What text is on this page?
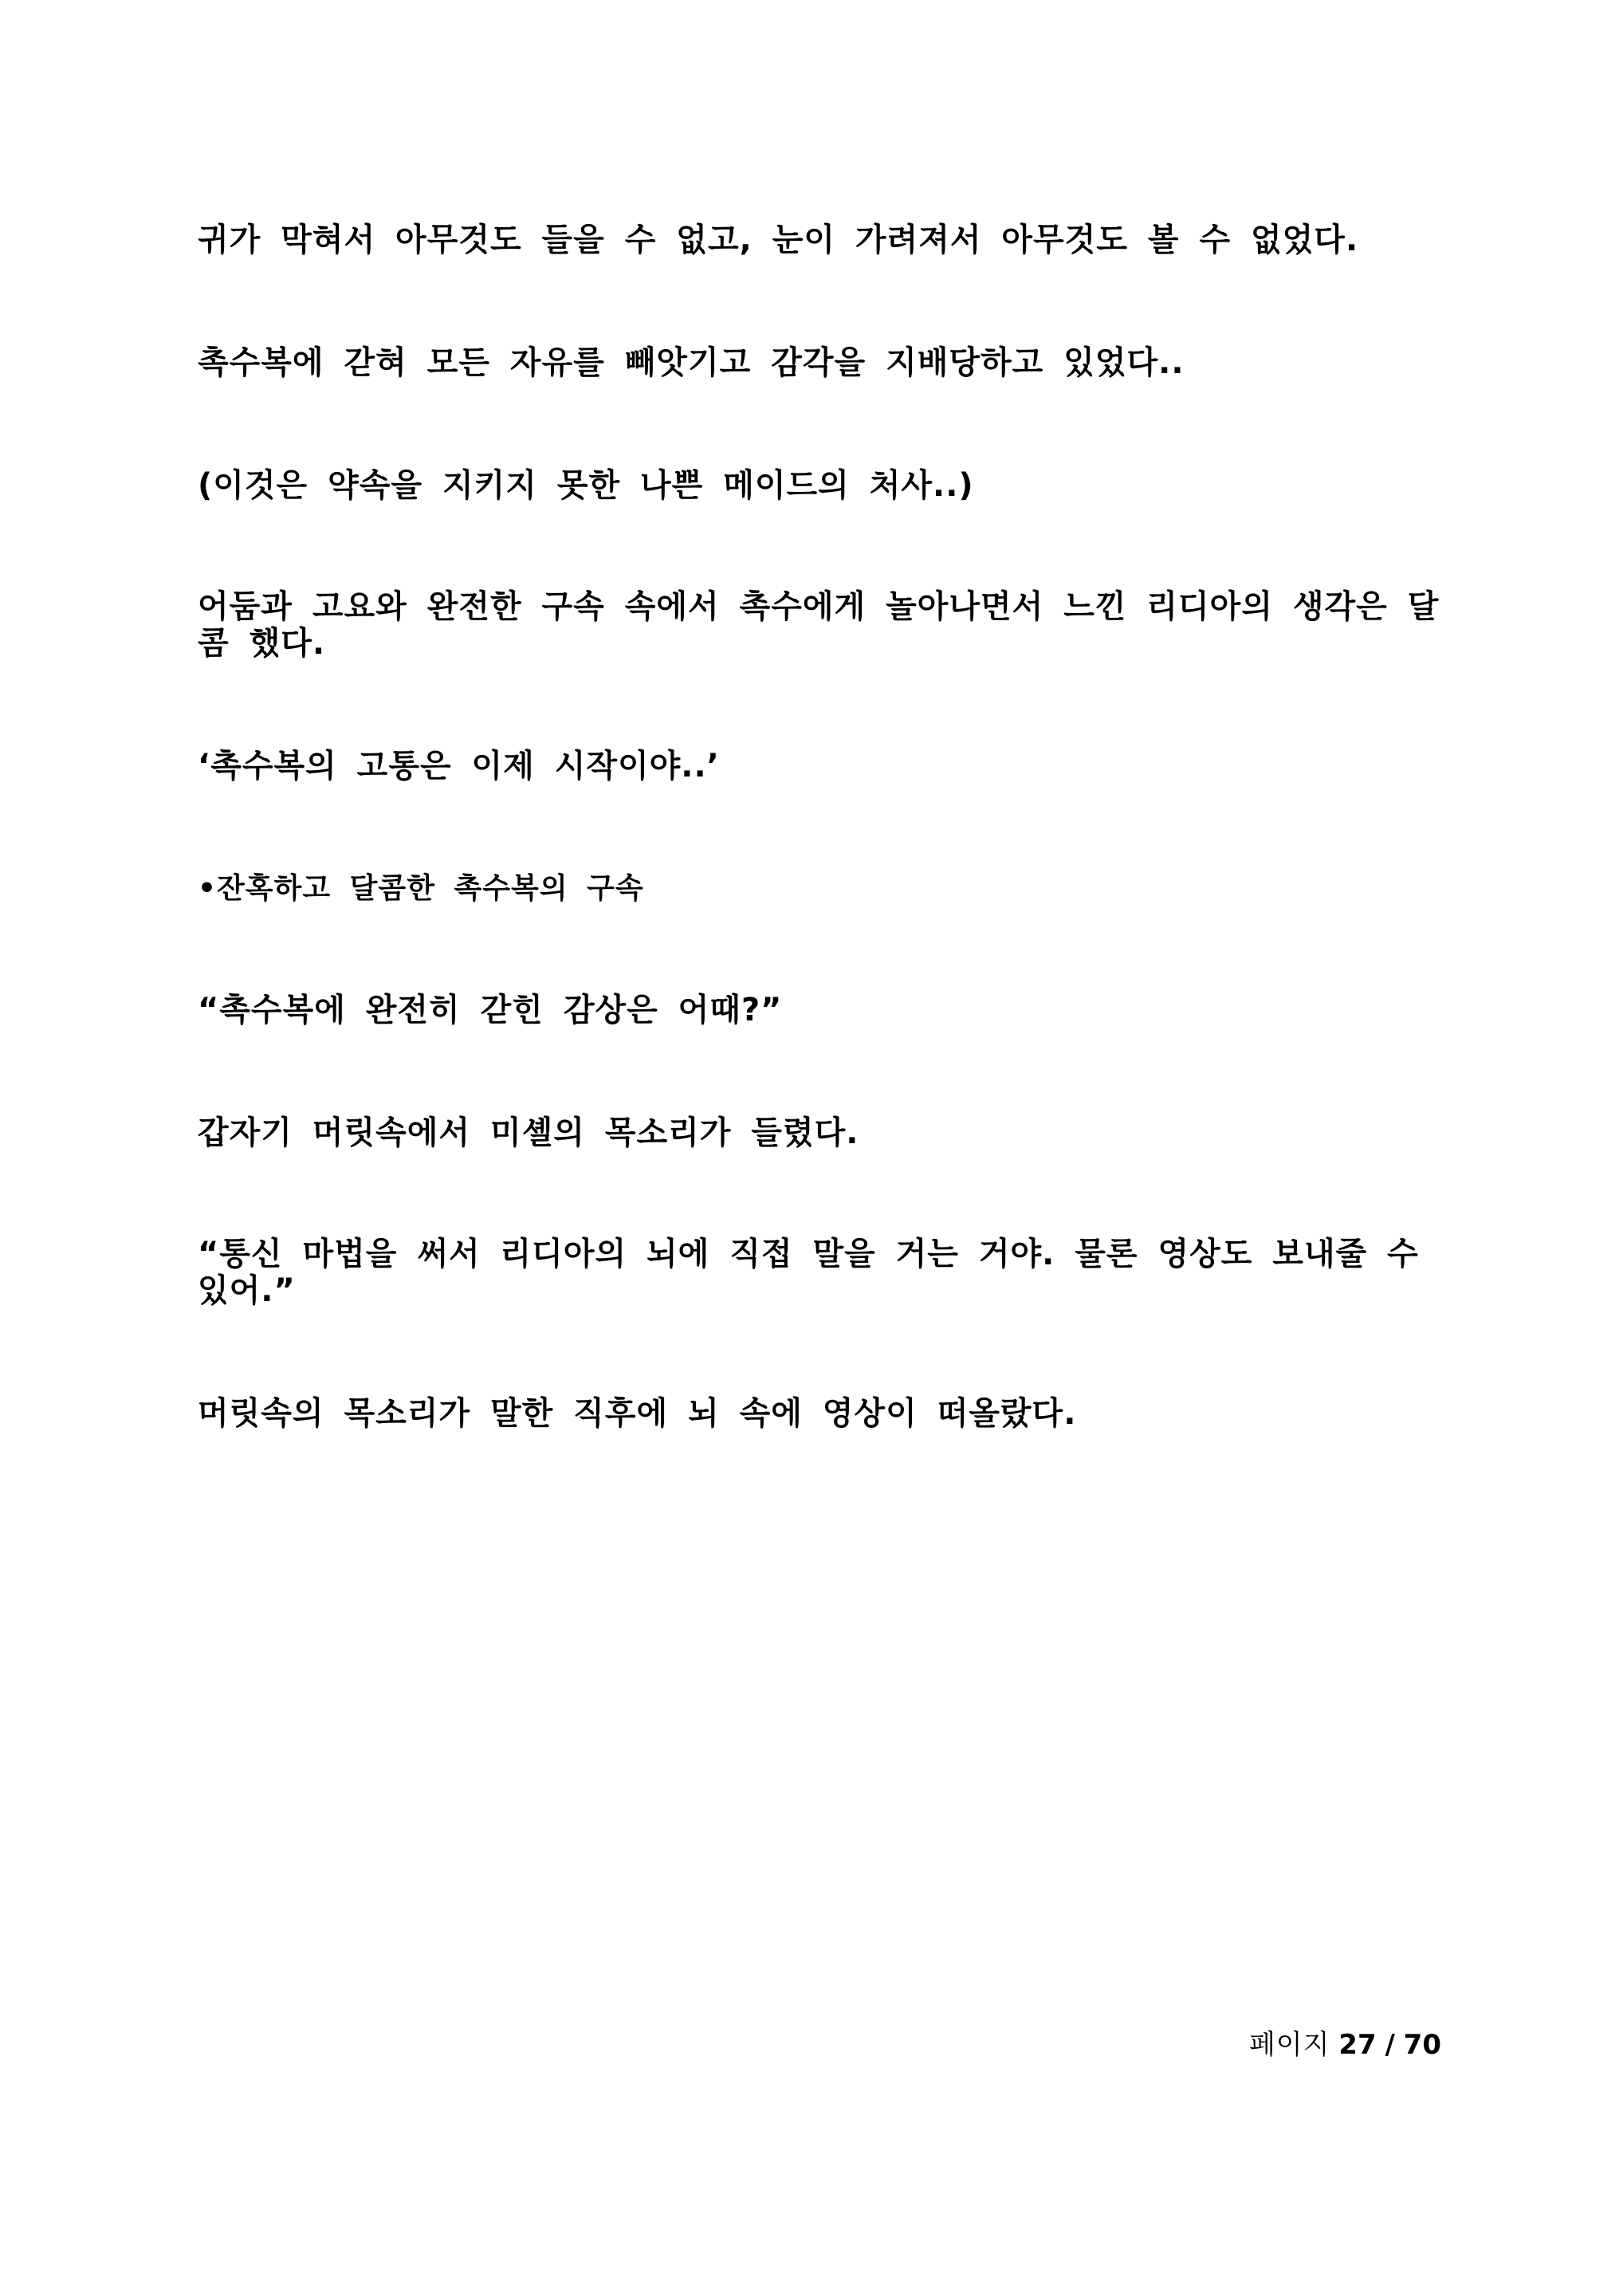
귀가 막혀서 아무것도 들을 수 없고, 눈이 가려져서 아무것도 볼 수 없었다.

촉수복에 갇혀 모든 자유를 빼앗기고 감각을 지배당하고 있었다..

(이것은 약속을 지키지 못한 나쁜 메이드의 처사..)

어둠과 고요와 완전한 구속 속에서 촉수에게 놀아나면서 느낀 리디아의 생각은 달콤 했다.

‘촉수복의 고통은 이제 시작이야..’

•잔혹하고 달콤한 촉수복의 구속

“촉수복에 완전히 갇힌 감상은 어때?”

갑자기 머릿속에서 미셸의 목소리가 들렸다.

“통신 마법을 써서 리디아의 뇌에 직접 말을 거는 거야. 물론 영상도 보내줄 수 있어.”

머릿속의 목소리가 말한 직후에 뇌 속에 영상이 떠올랐다.

페이지 27 / 70
